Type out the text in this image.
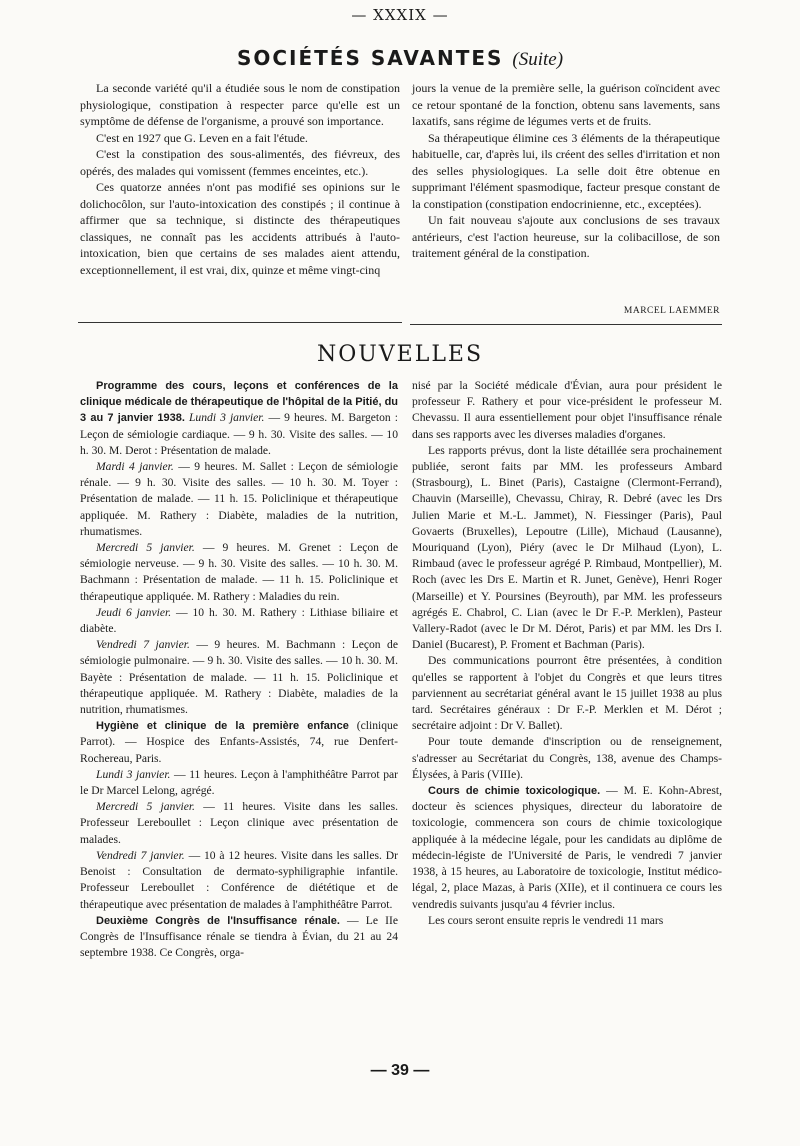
— XXXIX —
SOCIÉTÉS SAVANTES (Suite)

La seconde variété qu'il a étudiée sous le nom de constipation physiologique, constipation à respecter parce qu'elle est un symptôme de défense de l'organisme, a prouvé son importance.

C'est en 1927 que G. Leven en a fait l'étude.

C'est la constipation des sous-alimentés, des fiévreux, des opérés, des malades qui vomissent (femmes enceintes, etc.).

Ces quatorze années n'ont pas modifié ses opinions sur le dolichocôlon, sur l'auto-intoxication des constipés ; il continue à affirmer que sa technique, si distincte des thérapeutiques classiques, ne connaît pas les accidents attribués à l'auto-intoxication, bien que certains de ses malades aient attendu, exceptionnellement, il est vrai, dix, quinze et même vingt-cinq

jours la venue de la première selle, la guérison coïncident avec ce retour spontané de la fonction, obtenu sans lavements, sans laxatifs, sans régime de légumes verts et de fruits.

Sa thérapeutique élimine ces 3 éléments de la thérapeutique habituelle, car, d'après lui, ils créent des selles d'irritation et non des selles physiologiques. La selle doit être obtenue en supprimant l'élément spasmodique, facteur presque constant de la constipation (constipation endocrinienne, etc., exceptées).

Un fait nouveau s'ajoute aux conclusions de ses travaux antérieurs, c'est l'action heureuse, sur la colibacillose, de son traitement général de la constipation.

MARCEL LAEMMER
NOUVELLES

Programme des cours, leçons et conférences de la clinique médicale de thérapeutique de l'hôpital de la Pitié, du 3 au 7 janvier 1938. Lundi 3 janvier. — 9 heures. M. Bargeton : Leçon de sémiologie cardiaque. — 9 h. 30. Visite des salles. — 10 h. 30. M. Derot : Présentation de malade.

Mardi 4 janvier. — 9 heures. M. Sallet : Leçon de sémiologie rénale. — 9 h. 30. Visite des salles. — 10 h. 30. M. Toyer : Présentation de malade. — 11 h. 15. Policlinique et thérapeutique appliquée. M. Rathery : Diabète, maladies de la nutrition, rhumatismes.

Mercredi 5 janvier. — 9 heures. M. Grenet : Leçon de sémiologie nerveuse. — 9 h. 30. Visite des salles. — 10 h. 30. M. Bachmann : Présentation de malade. — 11 h. 15. Policlinique et thérapeutique appliquée. M. Rathery : Maladies du rein.

Jeudi 6 janvier. — 10 h. 30. M. Rathery : Lithiase biliaire et diabète.

Vendredi 7 janvier. — 9 heures. M. Bachmann : Leçon de sémiologie pulmonaire. — 9 h. 30. Visite des salles. — 10 h. 30. M. Bayète : Présentation de malade. — 11 h. 15. Policlinique et thérapeutique appliquée. M. Rathery : Diabète, maladies de la nutrition, rhumatismes.

Hygiène et clinique de la première enfance (clinique Parrot). — Hospice des Enfants-Assistés, 74, rue Denfert-Rochereau, Paris.

Lundi 3 janvier. — 11 heures. Leçon à l'amphithéâtre Parrot par le Dr Marcel Lelong, agrégé.

Mercredi 5 janvier. — 11 heures. Visite dans les salles. Professeur Lereboullet : Leçon clinique avec présentation de malades.

Vendredi 7 janvier. — 10 à 12 heures. Visite dans les salles. Dr Benoist : Consultation de dermato-syphiligraphie infantile. Professeur Lereboullet : Conférence de diététique et de thérapeutique avec présentation de malades à l'amphithéâtre Parrot.

Deuxième Congrès de l'Insuffisance rénale. — Le IIe Congrès de l'Insuffisance rénale se tiendra à Évian, du 21 au 24 septembre 1938. Ce Congrès, orga-

nisé par la Société médicale d'Évian, aura pour président le professeur F. Rathery et pour vice-président le professeur M. Chevassu. Il aura essentiellement pour objet l'insuffisance rénale dans ses rapports avec les diverses maladies d'organes.

Les rapports prévus, dont la liste détaillée sera prochainement publiée, seront faits par MM. les professeurs Ambard (Strasbourg), L. Binet (Paris), Castaigne (Clermont-Ferrand), Chauvin (Marseille), Chevassu, Chiray, R. Debré (avec les Drs Julien Marie et M.-L. Jammet), N. Fiessinger (Paris), Paul Govaerts (Bruxelles), Lepoutre (Lille), Michaud (Lausanne), Mouriquand (Lyon), Piéry (avec le Dr Milhaud (Lyon), L. Rimbaud (avec le professeur agrégé P. Rimbaud, Montpellier), M. Roch (avec les Drs E. Martin et R. Junet, Genève), Henri Roger (Marseille) et Y. Poursines (Beyrouth), par MM. les professeurs agrégés E. Chabrol, C. Lian (avec le Dr F.-P. Merklen), Pasteur Vallery-Radot (avec le Dr M. Dérot, Paris) et par MM. les Drs I. Daniel (Bucarest), P. Froment et Bachman (Paris).

Des communications pourront être présentées, à condition qu'elles se rapportent à l'objet du Congrès et que leurs titres parviennent au secrétariat général avant le 15 juillet 1938 au plus tard. Secrétaires généraux : Dr F.-P. Merklen et M. Dérot ; secrétaire adjoint : Dr V. Ballet).

Pour toute demande d'inscription ou de renseignement, s'adresser au Secrétariat du Congrès, 138, avenue des Champs-Élysées, à Paris (VIIIe).

Cours de chimie toxicologique. — M. E. Kohn-Abrest, docteur ès sciences physiques, directeur du laboratoire de toxicologie, commencera son cours de chimie toxicologique appliquée à la médecine légale, pour les candidats au diplôme de médecin-légiste de l'Université de Paris, le vendredi 7 janvier 1938, à 15 heures, au Laboratoire de toxicologie, Institut médico-légal, 2, place Mazas, à Paris (XIIe), et il continuera ce cours les vendredis suivants jusqu'au 4 février inclus.

Les cours seront ensuite repris le vendredi 11 mars

— 39 —
